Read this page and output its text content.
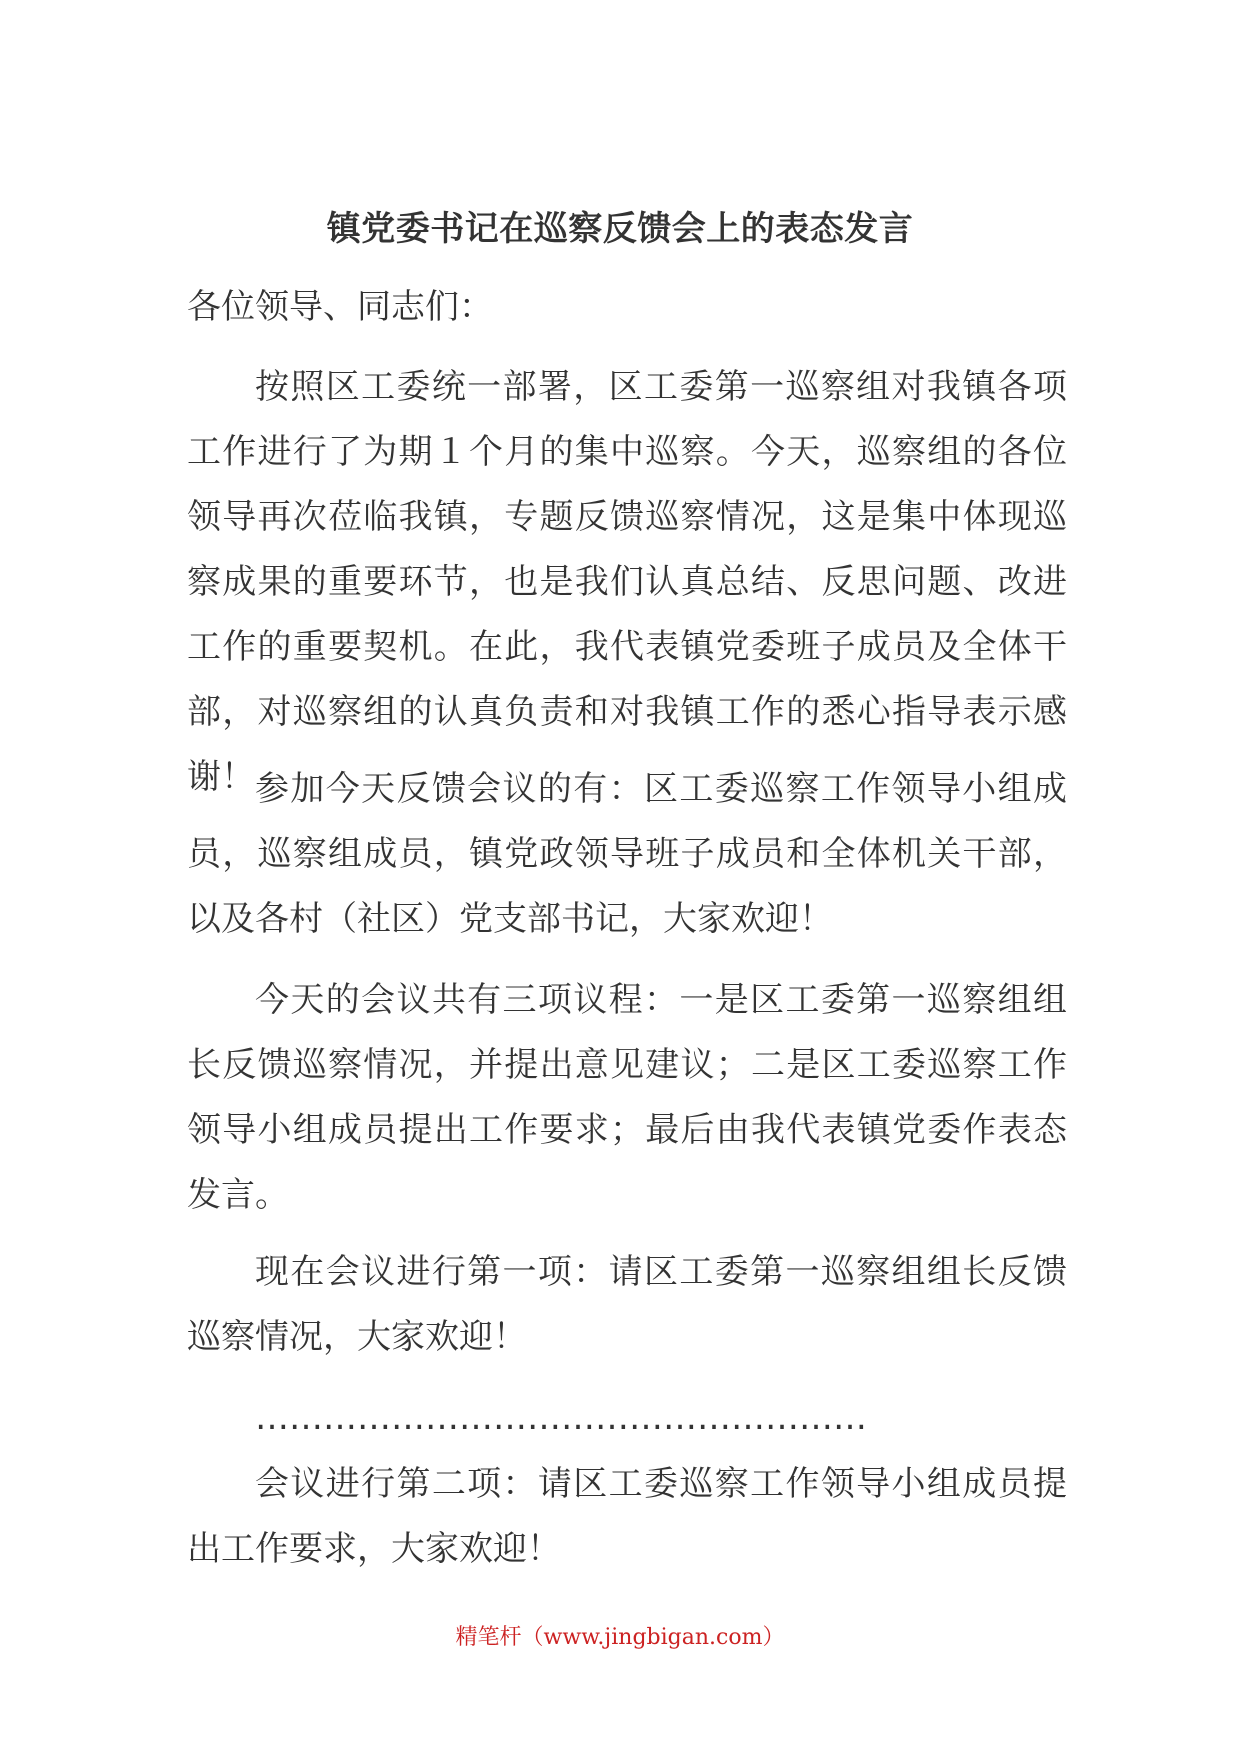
镇党委书记在巡察反馈会上的表态发言

各位领导、同志们：

按照区工委统一部署，区工委第一巡察组对我镇各项工作进行了为期１个月的集中巡察。今天，巡察组的各位领导再次莅临我镇，专题反馈巡察情况，这是集中体现巡察成果的重要环节，也是我们认真总结、反思问题、改进工作的重要契机。在此，我代表镇党委班子成员及全体干部，对巡察组的认真负责和对我镇工作的悉心指导表示感谢！ 参加今天反馈会议的有：区工委巡察工作领导小组成员，巡察组成员，镇党政领导班子成员和全体机关干部，以及各村（社区）党支部书记，大家欢迎！

今天的会议共有三项议程：一是区工委第一巡察组组长反馈巡察情况，并提出意见建议；二是区工委巡察工作领导小组成员提出工作要求；最后由我代表镇党委作表态发言。

现在会议进行第一项：请区工委第一巡察组组长反馈巡察情况，大家欢迎！

………………………………………………

会议进行第二项：请区工委巡察工作领导小组成员提出工作要求，大家欢迎！

精笔杆（www.jingbigan.com）
